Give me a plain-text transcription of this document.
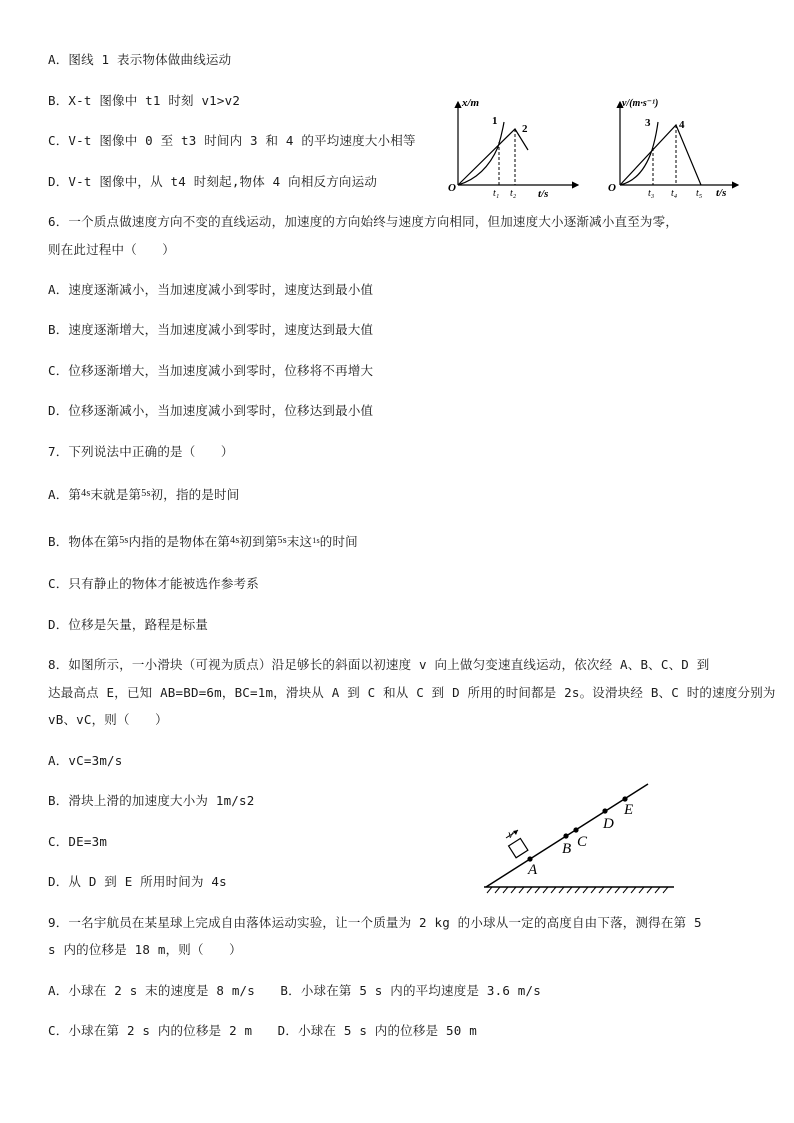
A．图线 1 表示物体做曲线运动
B．X-t 图像中 t1 时刻 v1>v2
C．V-t 图像中 0 至 t3 时间内 3 和 4 的平均速度大小相等
D．V-t 图像中，从 t4 时刻起,物体 4 向相反方向运动
x/m
t/s
O
1
2
t₁ t₂
v/(m·s⁻¹)
t/s
O
3	4
t₃ t₄ t₅
6．一个质点做速度方向不变的直线运动，加速度的方向始终与速度方向相同，但加速度大小逐渐减小直至为零，
则在此过程中（　　）
A．速度逐渐减小，当加速度减小到零时，速度达到最小值
B．速度逐渐增大，当加速度减小到零时，速度达到最大值
C．位移逐渐增大，当加速度减小到零时，位移将不再增大
D．位移逐渐减小，当加速度减小到零时，位移达到最小值
7．下列说法中正确的是（　　）
A．第$^{4s}$末就是第$^{5s}$初，指的是时间
B．物体在第$^{5s}$内指的是物体在第$^{4s}$初到第$^{5s}$末这$^{1s}$的时间
C．只有静止的物体才能被选作参考系
D．位移是矢量，路程是标量
8．如图所示，一小滑块（可视为质点）沿足够长的斜面以初速度 v 向上做匀变速直线运动，依次经 A、B、C、D 到
达最高点 E，已知 AB=BD=6m，BC=1m，滑块从 A 到 C 和从 C 到 D 所用的时间都是 2s。设滑块经 B、C 时的速度分别为
vB、vC，则（　　）
A．vC=3m/s
B．滑块上滑的加速度大小为 1m/s2
C．DE=3m
D．从 D 到 E 所用时间为 4s
v
A
B C
D
E
9．一名宇航员在某星球上完成自由落体运动实验，让一个质量为 2 kg 的小球从一定的高度自由下落，测得在第 5
s 内的位移是 18 m，则（　　）
A．小球在 2 s 末的速度是 8 m/s　　B．小球在第 5 s 内的平均速度是 3.6 m/s
C．小球在第 2 s 内的位移是 2 m　　D．小球在 5 s 内的位移是 50 m
